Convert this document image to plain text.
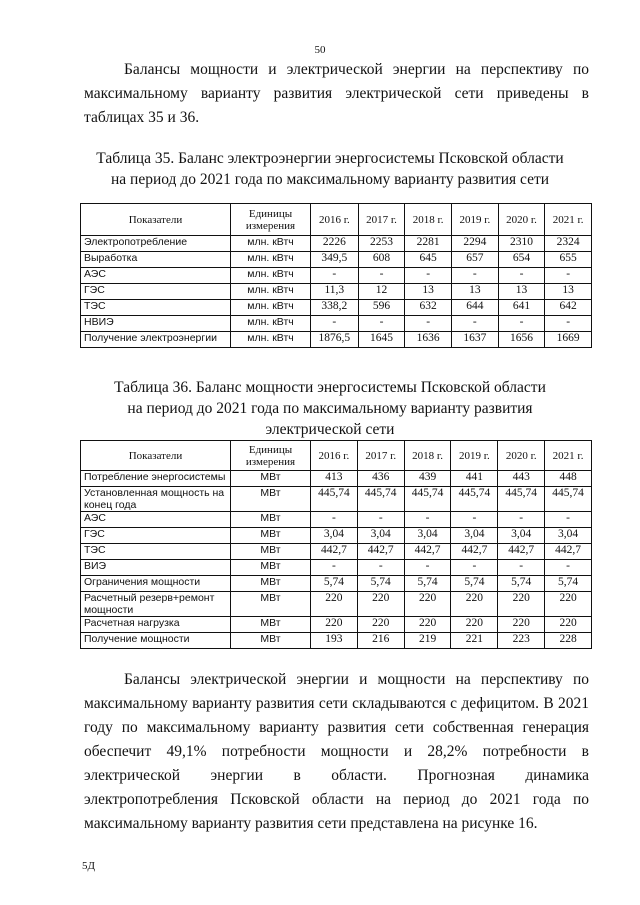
50

Балансы мощности и электрической энергии на перспективу по максимальному варианту развития электрической сети приведены в таблицах 35 и 36.

Таблица 35. Баланс электроэнергии энергосистемы Псковской области
на период до 2021 года по максимальному варианту развития сети
Показатели	Единицы измерения	2016 г.	2017 г.	2018 г.	2019 г.	2020 г.	2021 г.
Электропотребление	млн. кВтч	2226	2253	2281	2294	2310	2324
Выработка	млн. кВтч	349,5	608	645	657	654	655
АЭС	млн. кВтч	-	-	-	-	-	-
ГЭС	млн. кВтч	11,3	12	13	13	13	13
ТЭС	млн. кВтч	338,2	596	632	644	641	642
НВИЭ	млн. кВтч	-	-	-	-	-	-
Получение электроэнергии	млн. кВтч	1876,5	1645	1636	1637	1656	1669
Таблица 36. Баланс мощности энергосистемы Псковской области
на период до 2021 года по максимальному варианту развития
электрической сети
Показатели	Единицы измерения	2016 г.	2017 г.	2018 г.	2019 г.	2020 г.	2021 г.
Потребление энергосистемы	МВт	413	436	439	441	443	448
Установленная мощность на конец года	МВт	445,74	445,74	445,74	445,74	445,74	445,74
АЭС	МВт	-	-	-	-	-	-
ГЭС	МВт	3,04	3,04	3,04	3,04	3,04	3,04
ТЭС	МВт	442,7	442,7	442,7	442,7	442,7	442,7
ВИЭ	МВт	-	-	-	-	-	-
Ограничения мощности	МВт	5,74	5,74	5,74	5,74	5,74	5,74
Расчетный резерв+ремонт мощности	МВт	220	220	220	220	220	220
Расчетная нагрузка	МВт	220	220	220	220	220	220
Получение мощности	МВт	193	216	219	221	223	228

Балансы электрической энергии и мощности на перспективу по максимальному варианту развития сети складываются с дефицитом. В 2021 году по максимальному варианту развития сети собственная генерация обеспечит 49,1% потребности мощности и 28,2% потребности в электрической энергии в области. Прогнозная динамика электропотребления Псковской области на период до 2021 года по максимальному варианту развития сети представлена на рисунке 16.

5Д
